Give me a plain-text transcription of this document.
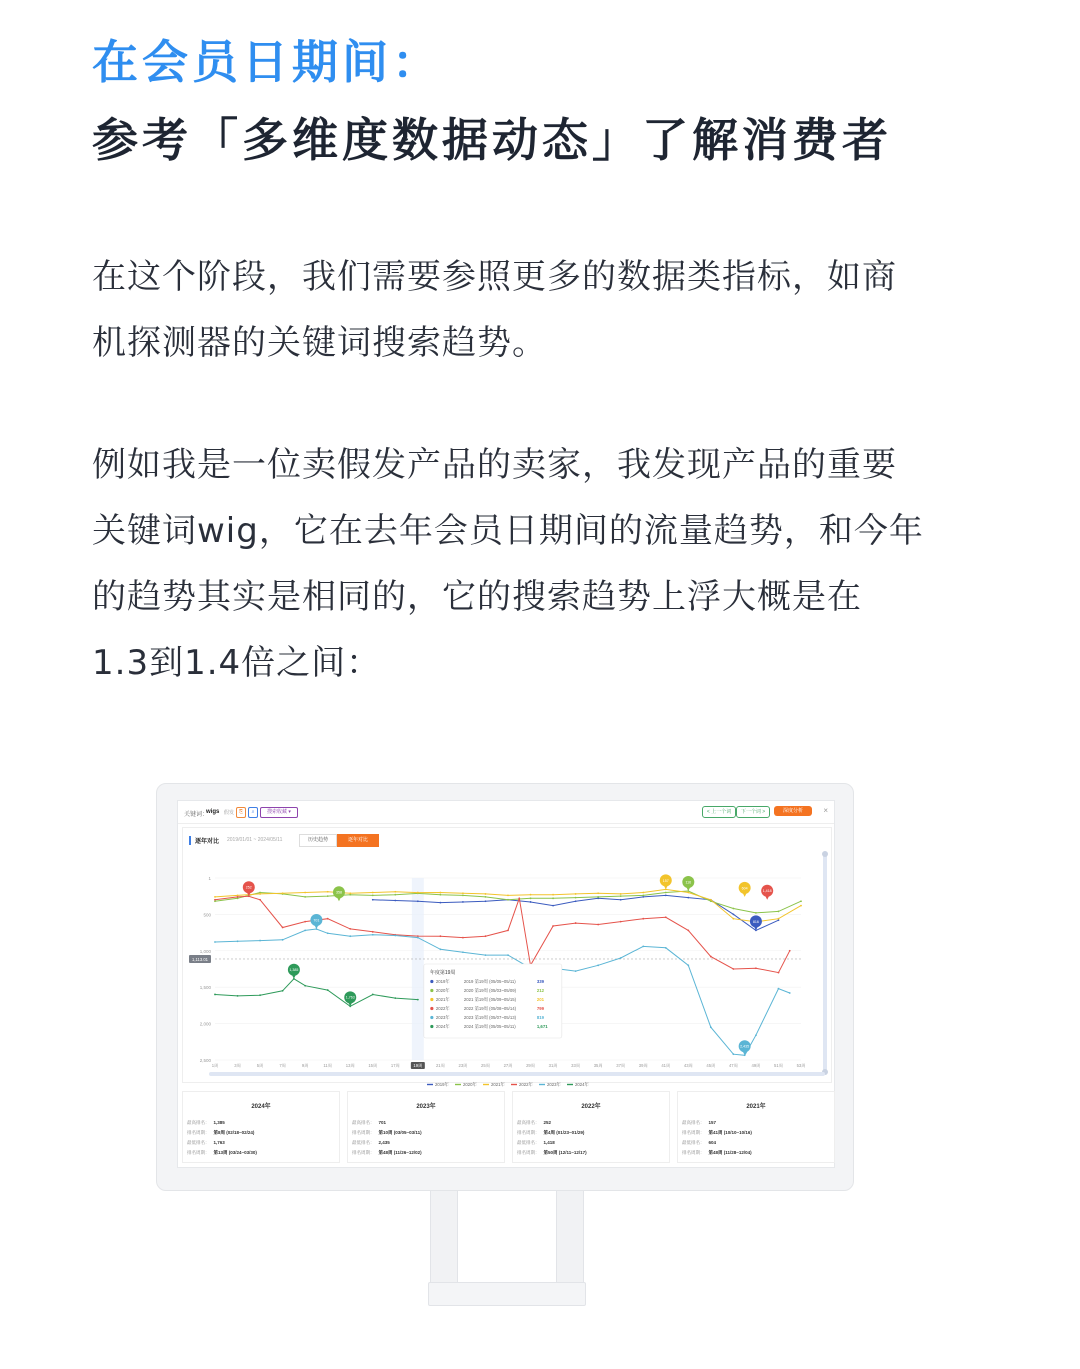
在会员日期间：
参考「多维度数据动态」了解消费者

在这个阶段，我们需要参照更多的数据类指标，如商

机探测器的关键词搜索趋势。

例如我是一位卖假发产品的卖家，我发现产品的重要

关键词wig，它在去年会员日期间的流量趋势，和今年

的趋势其实是相同的，它的搜索趋势上浮大概是在

1.3到1.4倍之间：

关键词：
wigs 假发 ⎘	⌕	搜索收藏 ▾	< 上一个词	下一个词 >	深度分析	×
逐年对比 2019/01/01 ~ 2024/05/11	历史趋势	逐年对比
1
500
1,000
1,500
2,000
2,500
1周	3周	5周	7周	9周	11周	13周	15周	17周	19周	21周	23周	25周	27周	29周	31周	33周	35周	37周	39周	41周	43周	45周	47周	49周	51周	53周
1,113.01
252
701
358
1,385
1,763
157	116
604
816
1,418
2,435
年度第19周
2019年	2019 第19周 (05/05~05/11)	339
2020年	2020 第19周 (05/03~05/09)	212
2021年	2021 第19周 (05/09~05/15)	201
2022年	2022 第19周 (05/08~05/14)	799
2023年	2023 第19周 (05/07~05/13)	819
2024年	2024 第19周 (05/05~05/11)	1,671
2019年	2020年	2021年	2022年	2023年	2024年
2024年
最高排名： 1,385
排名周期： 第8周 (02/18~02/24)
最低排名： 1,763
排名周期： 第13周 (03/24~03/30)
2023年
最高排名： 701
排名周期： 第10周 (03/05~03/11)
最低排名： 2,435
排名周期： 第48周 (11/26~12/02)
2022年
最高排名： 252
排名周期： 第4周 (01/23~01/29)
最低排名： 1,418
排名周期： 第50周 (12/11~12/17)
2021年
最高排名： 157
排名周期： 第41周 (10/10~10/16)
最低排名： 604
排名周期： 第48周 (11/28~12/04)
